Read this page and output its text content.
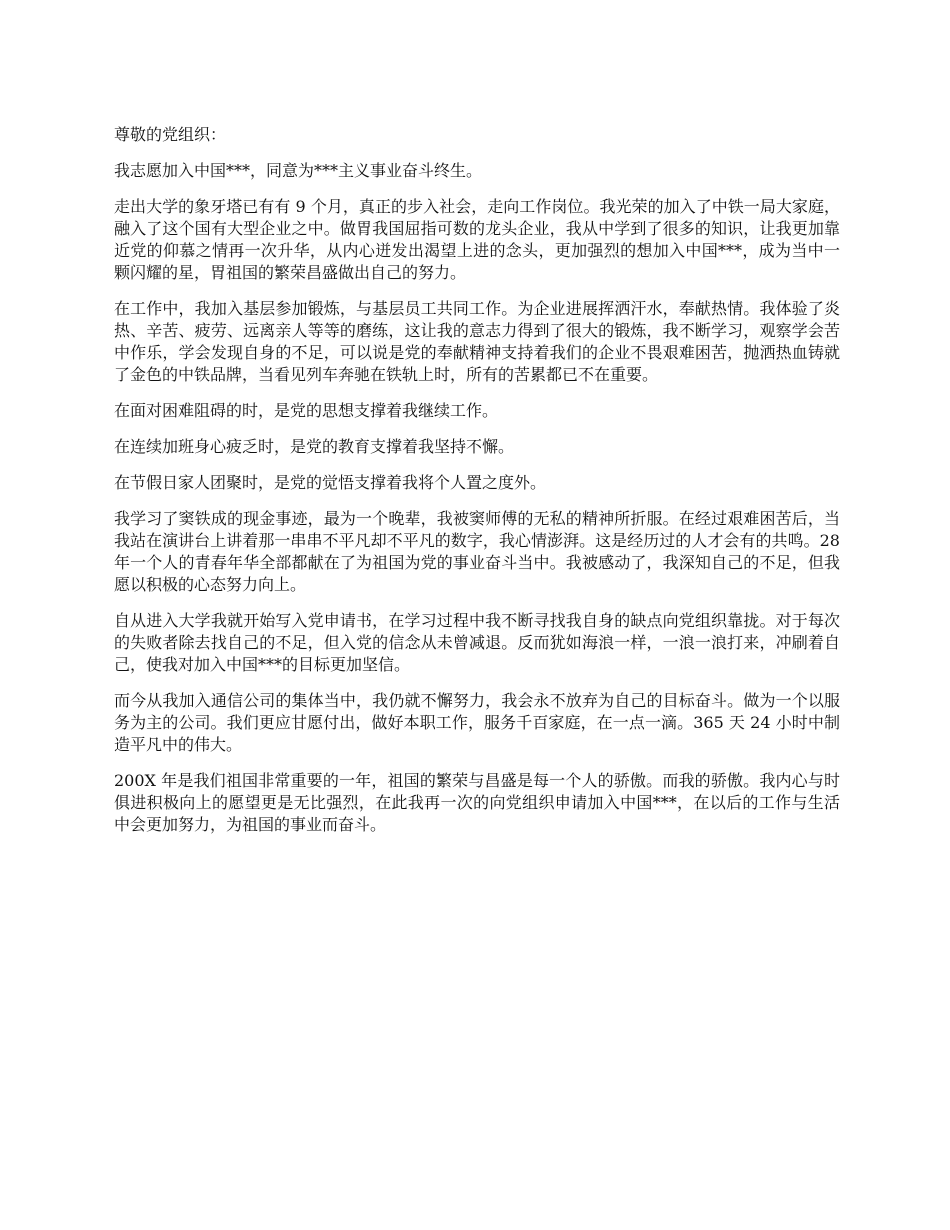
尊敬的党组织：

我志愿加入中国***，同意为***主义事业奋斗终生。

走出大学的象牙塔已有有 9 个月，真正的步入社会，走向工作岗位。我光荣的加入了中铁一局大家庭，融入了这个国有大型企业之中。做胃我国屈指可数的龙头企业，我从中学到了很多的知识，让我更加靠近党的仰慕之情再一次升华，从内心迸发出渴望上进的念头，更加强烈的想加入中国***，成为当中一颗闪耀的星，胃祖国的繁荣昌盛做出自己的努力。

在工作中，我加入基层参加锻炼，与基层员工共同工作。为企业进展挥洒汗水，奉献热情。我体验了炎热、辛苦、疲劳、远离亲人等等的磨练，这让我的意志力得到了很大的锻炼，我不断学习，观察学会苦中作乐，学会发现自身的不足，可以说是党的奉献精神支持着我们的企业不畏艰难困苦，抛洒热血铸就了金色的中铁品牌，当看见列车奔驰在铁轨上时，所有的苦累都已不在重要。

在面对困难阻碍的时，是党的思想支撑着我继续工作。

在连续加班身心疲乏时，是党的教育支撑着我坚持不懈。

在节假日家人团聚时，是党的觉悟支撑着我将个人置之度外。

我学习了窦铁成的现金事迹，最为一个晚辈，我被窦师傅的无私的精神所折服。在经过艰难困苦后，当我站在演讲台上讲着那一串串不平凡却不平凡的数字，我心情澎湃。这是经历过的人才会有的共鸣。28 年一个人的青春年华全部都献在了为祖国为党的事业奋斗当中。我被感动了，我深知自己的不足，但我愿以积极的心态努力向上。

自从进入大学我就开始写入党申请书，在学习过程中我不断寻找我自身的缺点向党组织靠拢。对于每次的失败者除去找自己的不足，但入党的信念从未曾减退。反而犹如海浪一样，一浪一浪打来，冲刷着自己，使我对加入中国***的目标更加坚信。

而今从我加入通信公司的集体当中，我仍就不懈努力，我会永不放弃为自己的目标奋斗。做为一个以服务为主的公司。我们更应甘愿付出，做好本职工作，服务千百家庭，在一点一滴。365 天 24 小时中制造平凡中的伟大。

200X 年是我们祖国非常重要的一年，祖国的繁荣与昌盛是每一个人的骄傲。而我的骄傲。我内心与时俱进积极向上的愿望更是无比强烈，在此我再一次的向党组织申请加入中国***，在以后的工作与生活中会更加努力，为祖国的事业而奋斗。
